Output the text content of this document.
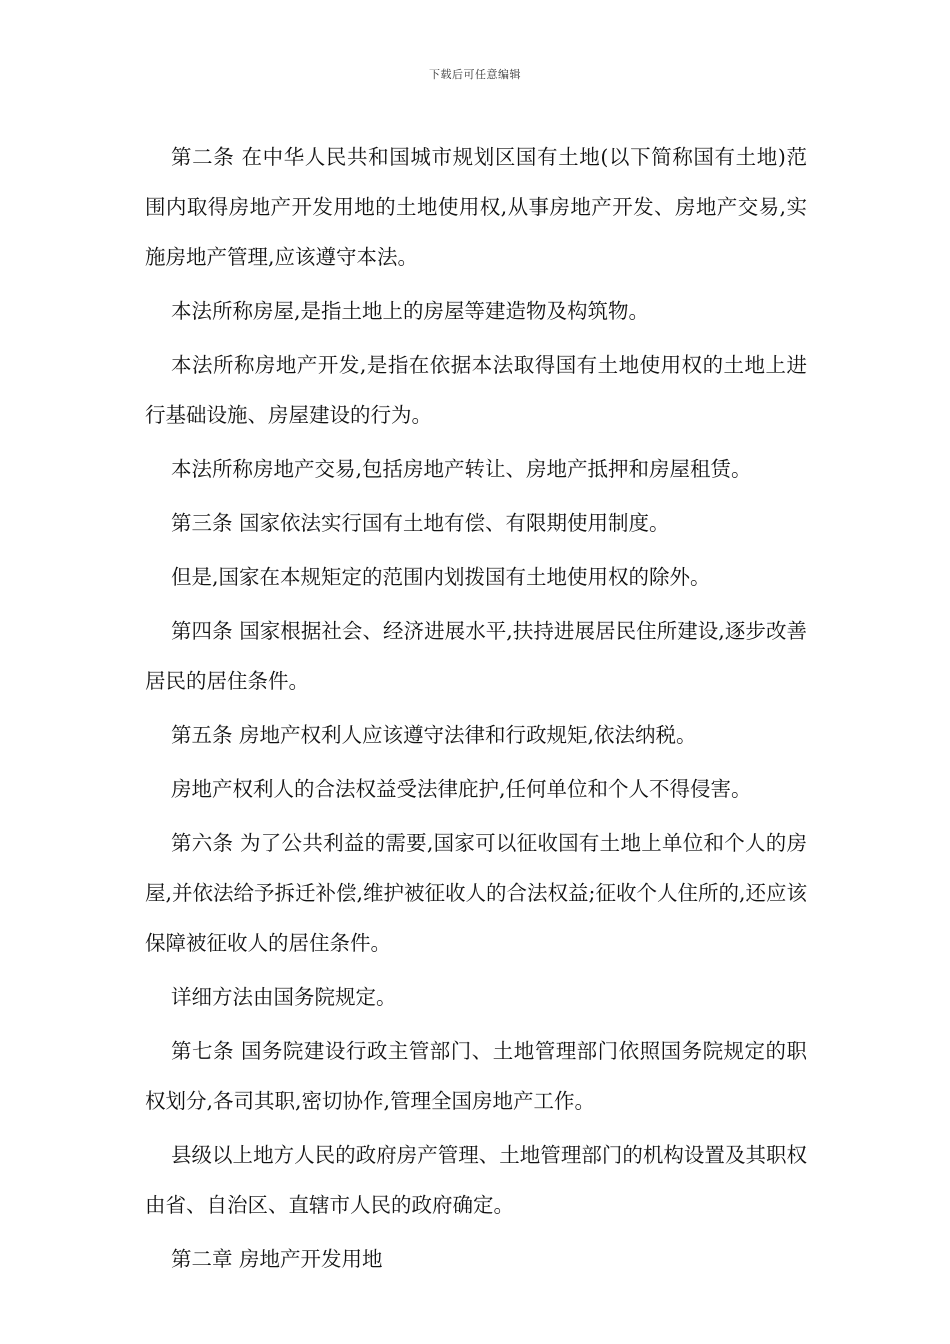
下载后可任意编辑

第二条 在中华人民共和国城市规划区国有土地(以下简称国有土地)范围内取得房地产开发用地的土地使用权,从事房地产开发、房地产交易,实施房地产管理,应该遵守本法。

本法所称房屋,是指土地上的房屋等建造物及构筑物。

本法所称房地产开发,是指在依据本法取得国有土地使用权的土地上进行基础设施、房屋建设的行为。

本法所称房地产交易,包括房地产转让、房地产抵押和房屋租赁。

第三条 国家依法实行国有土地有偿、有限期使用制度。

但是,国家在本规矩定的范围内划拨国有土地使用权的除外。

第四条 国家根据社会、经济进展水平,扶持进展居民住所建设,逐步改善居民的居住条件。

第五条 房地产权利人应该遵守法律和行政规矩,依法纳税。

房地产权利人的合法权益受法律庇护,任何单位和个人不得侵害。

第六条 为了公共利益的需要,国家可以征收国有土地上单位和个人的房屋,并依法给予拆迁补偿,维护被征收人的合法权益;征收个人住所的,还应该保障被征收人的居住条件。

详细方法由国务院规定。

第七条 国务院建设行政主管部门、土地管理部门依照国务院规定的职权划分,各司其职,密切协作,管理全国房地产工作。

县级以上地方人民的政府房产管理、土地管理部门的机构设置及其职权由省、自治区、直辖市人民的政府确定。

第二章 房地产开发用地
